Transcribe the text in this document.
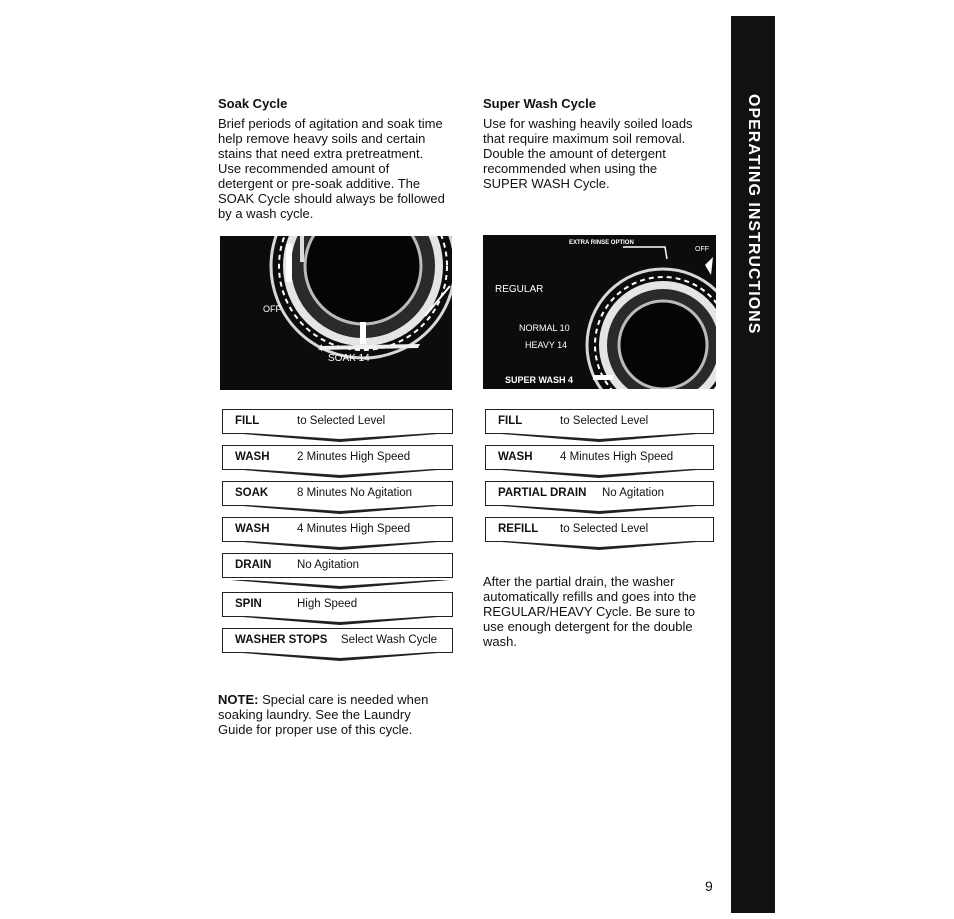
OPERATING INSTRUCTIONS
Soak Cycle
Brief periods of agitation and soak time
help remove heavy soils and certain
stains that need extra pretreatment.
Use recommended amount of
detergent or pre-soak additive. The
SOAK Cycle should always be followed
by a wash cycle.
OFF
4
SOAK 14
FILL	to Selected Level
WASH 2 Minutes High Speed
SOAK	8 Minutes No Agitation
WASH 4 Minutes High Speed
DRAIN No Agitation
SPIN	High Speed
WASHER STOPS Select Wash Cycle
NOTE: Special care is needed when
soaking laundry. See the Laundry
Guide for proper use of this cycle.
Super Wash Cycle
Use for washing heavily soiled loads
that require maximum soil removal.
Double the amount of detergent
recommended when using the
SUPER WASH Cycle.
EXTRA RINSE OPTION
OFF
REGULAR
NORMAL 10
HEAVY 14
SUPER WASH 4
FILL	to Selected Level
WASH 4 Minutes High Speed
PARTIAL DRAIN No Agitation
REFILL to Selected Level
After the partial drain, the washer
automatically refills and goes into the
REGULAR/HEAVY Cycle. Be sure to
use enough detergent for the double
wash.
9
